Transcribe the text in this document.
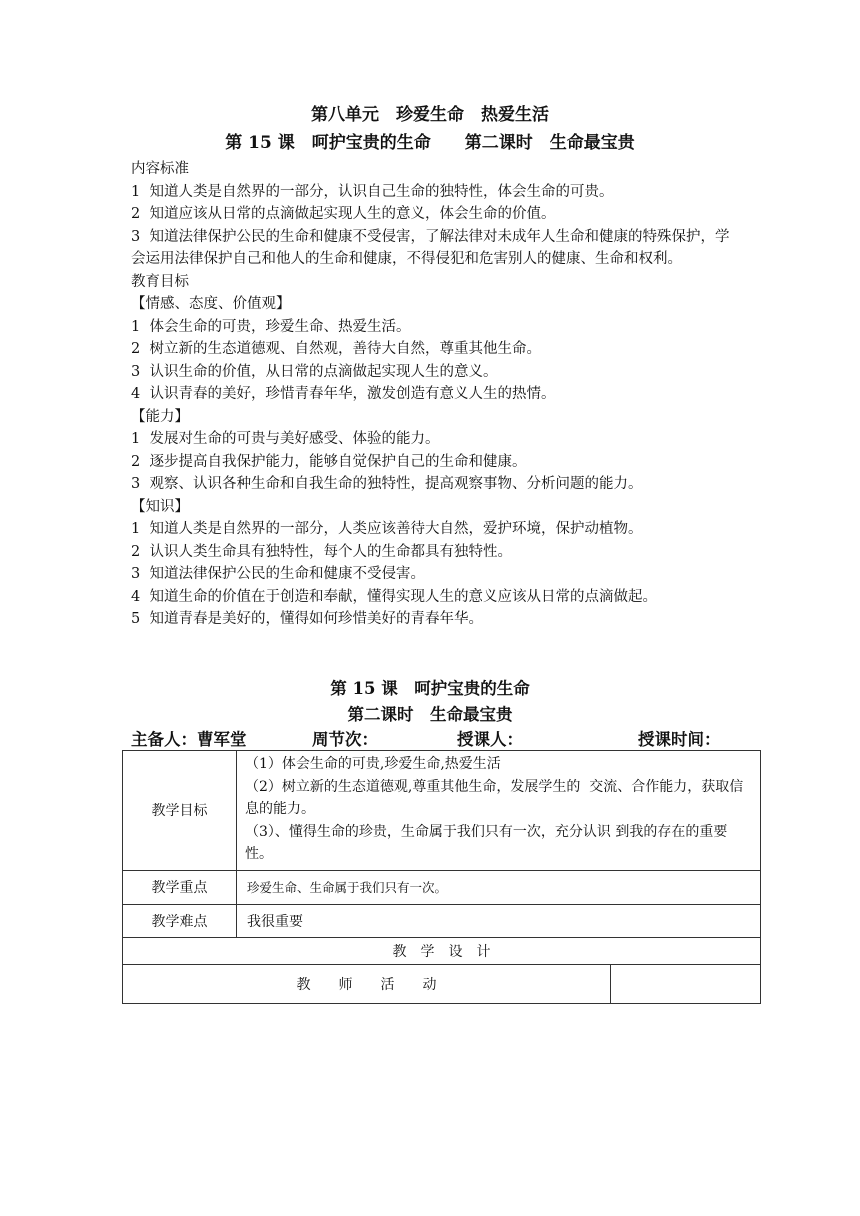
第八单元　珍爱生命　热爱生活
第 15 课　呵护宝贵的生命　　第二课时　生命最宝贵
内容标准
1  知道人类是自然界的一部分，认识自己生命的独特性，体会生命的可贵。
2  知道应该从日常的点滴做起实现人生的意义，体会生命的价值。
3  知道法律保护公民的生命和健康不受侵害，了解法律对未成年人生命和健康的特殊保护，学会运用法律保护自己和他人的生命和健康，不得侵犯和危害别人的健康、生命和权利。
教育目标
【情感、态度、价值观】
1  体会生命的可贵，珍爱生命、热爱生活。
2  树立新的生态道德观、自然观，善待大自然，尊重其他生命。
3  认识生命的价值，从日常的点滴做起实现人生的意义。
4  认识青春的美好，珍惜青春年华，激发创造有意义人生的热情。
【能力】
1  发展对生命的可贵与美好感受、体验的能力。
2  逐步提高自我保护能力，能够自觉保护自己的生命和健康。
3  观察、认识各种生命和自我生命的独特性，提高观察事物、分析问题的能力。
【知识】
1  知道人类是自然界的一部分，人类应该善待大自然，爱护环境，保护动植物。
2  认识人类生命具有独特性，每个人的生命都具有独特性。
3  知道法律保护公民的生命和健康不受侵害。
4  知道生命的价值在于创造和奉献，懂得实现人生的意义应该从日常的点滴做起。
5  知道青春是美好的，懂得如何珍惜美好的青春年华。
第 15 课　呵护宝贵的生命
第二课时　生命最宝贵
主备人：曹军堂	周节次：	授课人：	授课时间：
教学目标	（1）体会生命的可贵,珍爱生命,热爱生活
（2）树立新的生态道德观,尊重其他生命，发展学生的  交流、合作能力，获取信息的能力。
（3）、懂得生命的珍贵，生命属于我们只有一次，充分认识 到我的存在的重要性。	

教学重点	珍爱生命、生命属于我们只有一次。	
教学难点	我很重要	
教　学　设　计		
教　　师　　活　　动		
